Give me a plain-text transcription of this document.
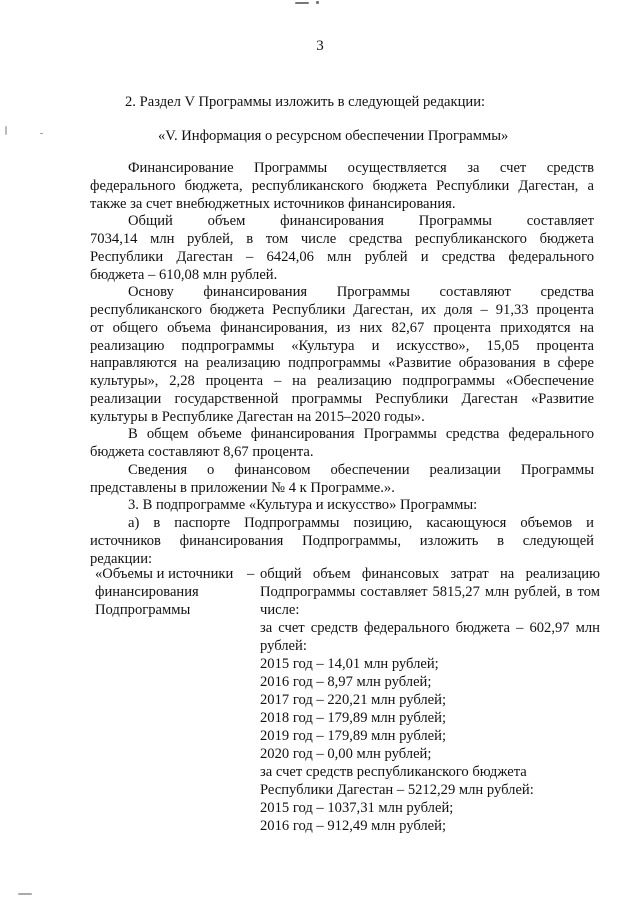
3
2. Раздел V Программы изложить в следующей редакции:
«V. Информация о ресурсном обеспечении Программы»
Финансирование Программы осуществляется за счет средств
федерального бюджета, республиканского бюджета Республики Дагестан, а
также за счет внебюджетных источников финансирования.
Общий объем финансирования Программы составляет
7034,14 млн рублей, в том числе средства республиканского бюджета
Республики Дагестан – 6424,06 млн рублей и средства федерального
бюджета – 610,08 млн рублей.
Основу финансирования Программы составляют средства
республиканского бюджета Республики Дагестан, их доля – 91,33 процента
от общего объема финансирования, из них 82,67 процента приходятся на
реализацию подпрограммы «Культура и искусство», 15,05 процента
направляются на реализацию подпрограммы «Развитие образования в сфере
культуры», 2,28 процента – на реализацию подпрограммы «Обеспечение
реализации государственной программы Республики Дагестан «Развитие
культуры в Республике Дагестан на 2015–2020 годы».
В общем объеме финансирования Программы средства федерального
бюджета составляют 8,67 процента.
Сведения о финансовом обеспечении реализации Программы
представлены в приложении № 4 к Программе.».
3. В подпрограмме «Культура и искусство» Программы:
а) в паспорте Подпрограммы позицию, касающуюся объемов и
источников финансирования Подпрограммы, изложить в следующей
редакции:
«Объемы и источники
финансирования
Подпрограммы
– общий объем финансовых затрат на реализацию
Подпрограммы составляет 5815,27 млн рублей, в том
числе:
за счет средств федерального бюджета – 602,97 млн
рублей:
2015 год – 14,01 млн рублей;
2016 год – 8,97 млн рублей;
2017 год – 220,21 млн рублей;
2018 год – 179,89 млн рублей;
2019 год – 179,89 млн рублей;
2020 год – 0,00 млн рублей;
за счет средств республиканского бюджета
Республики Дагестан – 5212,29 млн рублей:
2015 год – 1037,31 млн рублей;
2016 год – 912,49 млн рублей;
